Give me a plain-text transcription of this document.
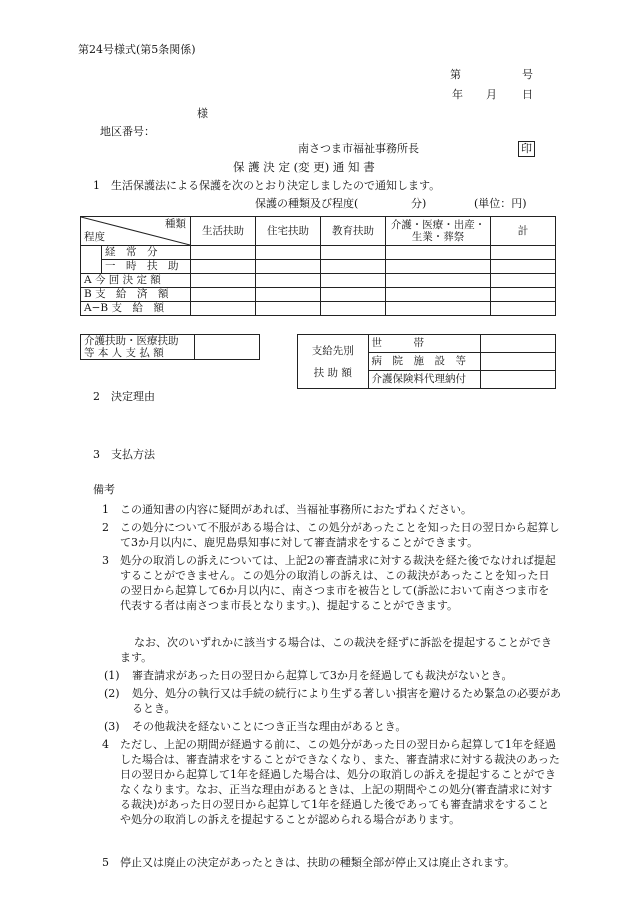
第24号様式(第5条関係)
第	号
年 月 日
様
地区番号：
南さつま市福祉事務所長	印
保 護 決 定 (変 更) 通 知 書
1 生活保護法による保護を次のとおり決定しましたので通知します。
保護の種類及び程度(	分)	(単位：円)
種類
程度		生活扶助	住宅扶助	教育扶助	介護・医療・出産・生業・葬祭	計
	経　常　分					
	一　時　扶　助					
A 今 回 決 定 額						
B 支　給　済　額						
A−B 支　給　額						
介護扶助・医療扶助
等 本 人 支 払 額
		支給先別
扶 助 額	世　　　帯	
	病　院　施　設　等	
	介護保険料代理納付	
2 決定理由
3 支払方法
備考
1 この通知書の内容に疑問があれば、当福祉事務所におたずねください。
2 この処分について不服がある場合は、この処分があったことを知った日の翌日から起算して3か月以内に、鹿児島県知事に対して審査請求をすることができます。
3 処分の取消しの訴えについては、上記2の審査請求に対する裁決を経た後でなければ提起することができません。この処分の取消しの訴えは、この裁決があったことを知った日の翌日から起算して6か月以内に、南さつま市を被告として(訴訟において南さつま市を代表する者は南さつま市長となります。)、提起することができます。
なお、次のいずれかに該当する場合は、この裁決を経ずに訴訟を提起することができます。
(1) 審査請求があった日の翌日から起算して3か月を経過しても裁決がないとき。
(2) 処分、処分の執行又は手続の続行により生ずる著しい損害を避けるため緊急の必要があるとき。
(3) その他裁決を経ないことにつき正当な理由があるとき。
4 ただし、上記の期間が経過する前に、この処分があった日の翌日から起算して1年を経過した場合は、審査請求をすることができなくなり、また、審査請求に対する裁決のあった日の翌日から起算して1年を経過した場合は、処分の取消しの訴えを提起することができなくなります。なお、正当な理由があるときは、上記の期間やこの処分(審査請求に対する裁決)があった日の翌日から起算して1年を経過した後であっても審査請求をすることや処分の取消しの訴えを提起することが認められる場合があります。
5 停止又は廃止の決定があったときは、扶助の種類全部が停止又は廃止されます。
